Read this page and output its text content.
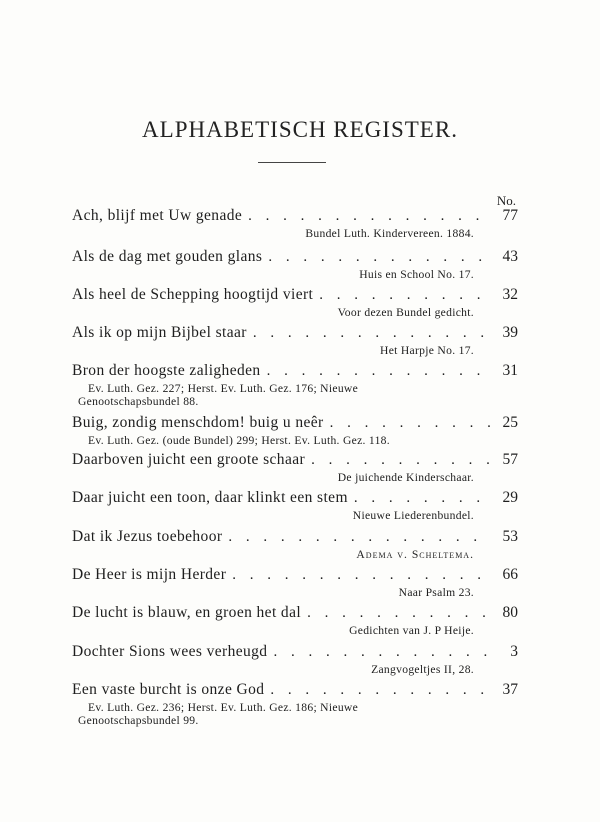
ALPHABETISCH REGISTER.
No.
Ach, blijf met Uw genade . . .	77
Bundel Luth. Kindervereen. 1884.
Als de dag met gouden glans . . .	43
Huis en School No. 17.
Als heel de Schepping hoogtijd viert . . .	32
Voor dezen Bundel gedicht.
Als ik op mijn Bijbel staar . . .	39
Het Harpje No. 17.
Bron der hoogste zaligheden . . .	31
Ev. Luth. Gez. 227; Herst. Ev. Luth. Gez. 176; Nieuwe
Genootschapsbundel 88.
Buig, zondig menschdom! buig u neêr . . .	25
Ev. Luth. Gez. (oude Bundel) 299; Herst. Ev. Luth. Gez. 118.
Daarboven juicht een groote schaar . . .	57
De juichende Kinderschaar.
Daar juicht een toon, daar klinkt een stem . . .	29
Nieuwe Liederenbundel.
Dat ik Jezus toebehoor . . .	53
Adema v. Scheltema.
De Heer is mijn Herder . . .	66
Naar Psalm 23.
De lucht is blauw, en groen het dal . . .	80
Gedichten van J. P Heije.
Dochter Sions wees verheugd . . .	3
Zangvogeltjes II, 28.
Een vaste burcht is onze God . . .	37
Ev. Luth. Gez. 236; Herst. Ev. Luth. Gez. 186; Nieuwe
Genootschapsbundel 99.
